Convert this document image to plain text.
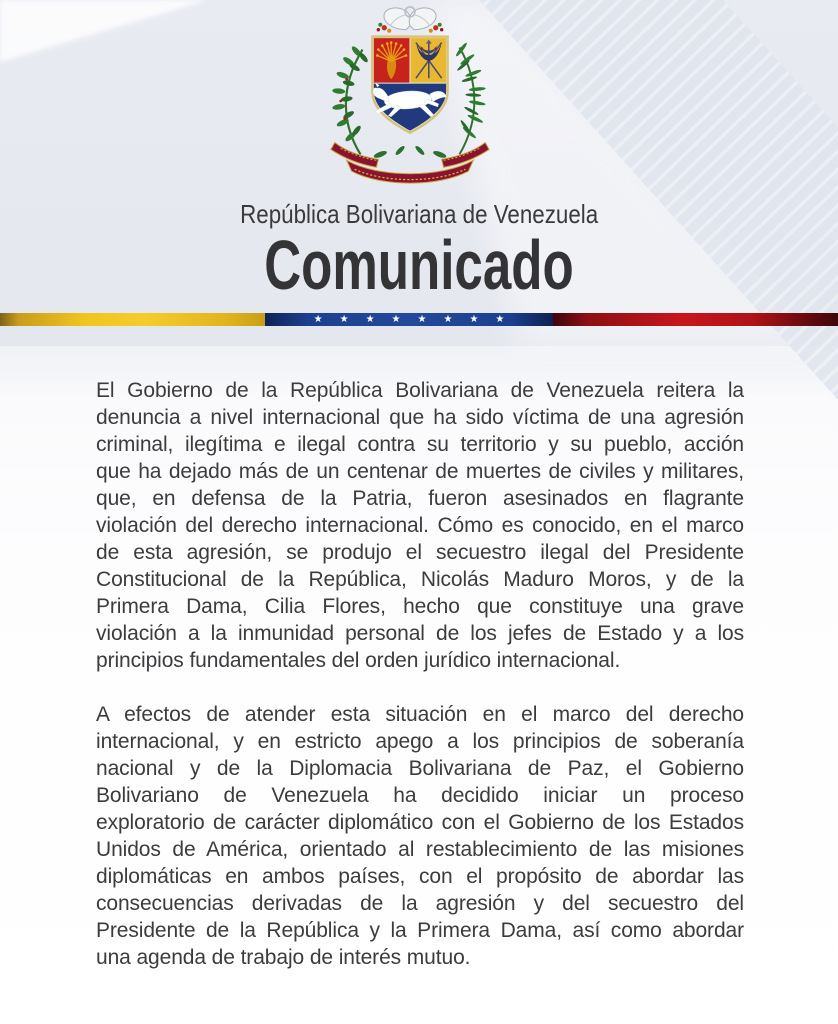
República Bolivariana de Venezuela
Comunicado
★ ★ ★ ★ ★ ★ ★ ★
El Gobierno de la República Bolivariana de Venezuela reitera la
denuncia a nivel internacional que ha sido víctima de una agresión
criminal, ilegítima e ilegal contra su territorio y su pueblo, acción
que ha dejado más de un centenar de muertes de civiles y militares,
que, en defensa de la Patria, fueron asesinados en flagrante
violación del derecho internacional. Cómo es conocido, en el marco
de esta agresión, se produjo el secuestro ilegal del Presidente
Constitucional de la República, Nicolás Maduro Moros, y de la
Primera Dama, Cilia Flores, hecho que constituye una grave
violación a la inmunidad personal de los jefes de Estado y a los
principios fundamentales del orden jurídico internacional.
A efectos de atender esta situación en el marco del derecho
internacional, y en estricto apego a los principios de soberanía
nacional y de la Diplomacia Bolivariana de Paz, el Gobierno
Bolivariano de Venezuela ha decidido iniciar un proceso
exploratorio de carácter diplomático con el Gobierno de los Estados
Unidos de América, orientado al restablecimiento de las misiones
diplomáticas en ambos países, con el propósito de abordar las
consecuencias derivadas de la agresión y del secuestro del
Presidente de la República y la Primera Dama, así como abordar
una agenda de trabajo de interés mutuo.
